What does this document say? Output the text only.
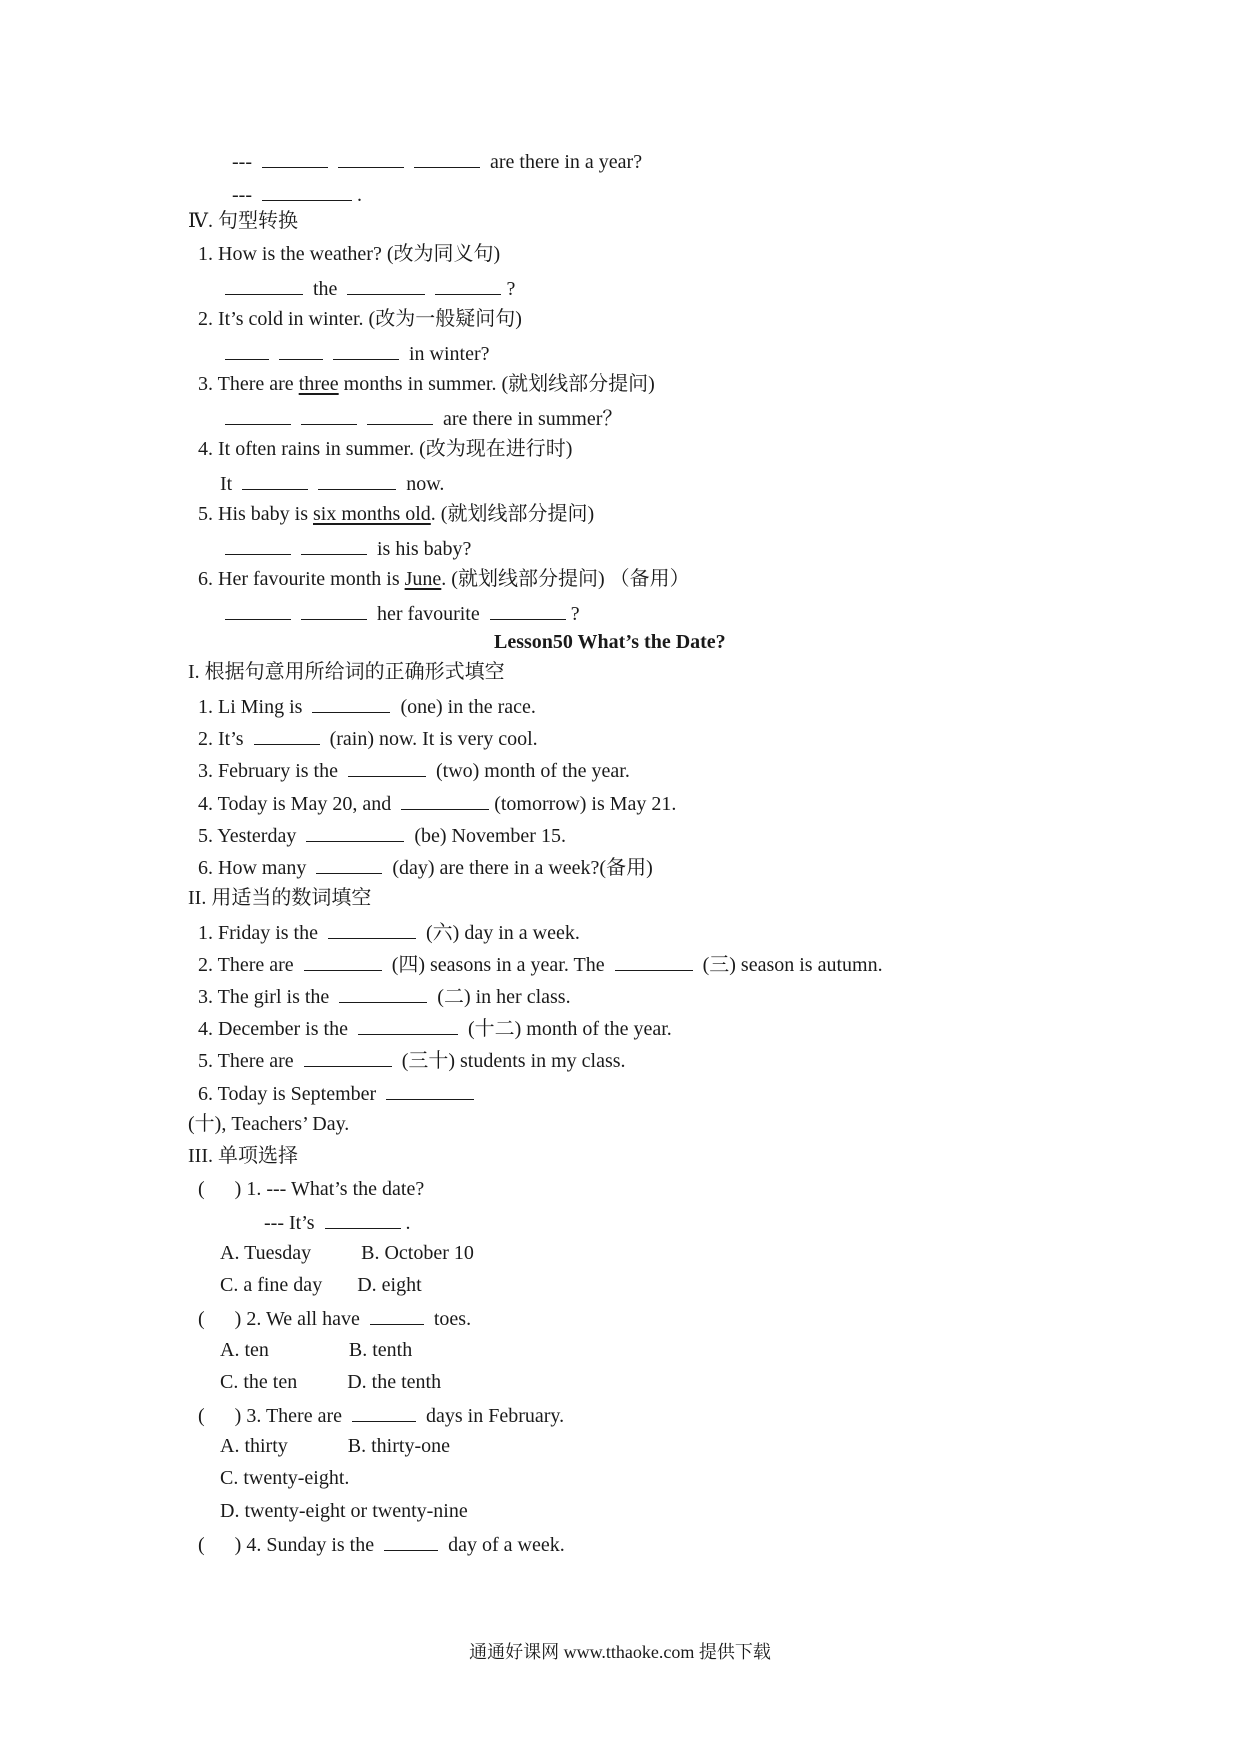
---	are there in a year?
---	.
Ⅳ. 句型转换
1. How is the weather? (改为同义句)
the	?
2. It’s cold in winter. (改为一般疑问句)
in winter?
3. There are three months in summer. (就划线部分提问)
are there in summer？
4. It often rains in summer. (改为现在进行时)
It	now.
5. His baby is six months old. (就划线部分提问)
is his baby?
6. Her favourite month is June. (就划线部分提问) （备用）
her favourite	?
Lesson50 What’s the Date?
I. 根据句意用所给词的正确形式填空
1. Li Ming is	(one) in the race.
2. It’s	(rain) now. It is very cool.
3. February is the	(two) month of the year.
4. Today is May 20, and	(tomorrow) is May 21.
5. Yesterday	(be) November 15.
6. How many	(day) are there in a week?(备用)
II. 用适当的数词填空
1. Friday is the	(六) day in a week.
2. There are	(四) seasons in a year. The	(三) season is autumn.
3. The girl is the	(二) in her class.
4. December is the	(十二) month of the year.
5. There are	(三十) students in my class.
6. Today is September
(十), Teachers’ Day.
III. 单项选择
(      ) 1. --- What’s the date?
--- It’s	.
A. Tuesday          B. October 10
C. a fine day       D. eight
(      ) 2. We all have	toes.
A. ten                B. tenth
C. the ten          D. the tenth
(      ) 3. There are	days in February.
A. thirty            B. thirty-one
C. twenty-eight.
D. twenty-eight or twenty-nine
(      ) 4. Sunday is the	day of a week.
通通好课网 www.tthaoke.com 提供下载
